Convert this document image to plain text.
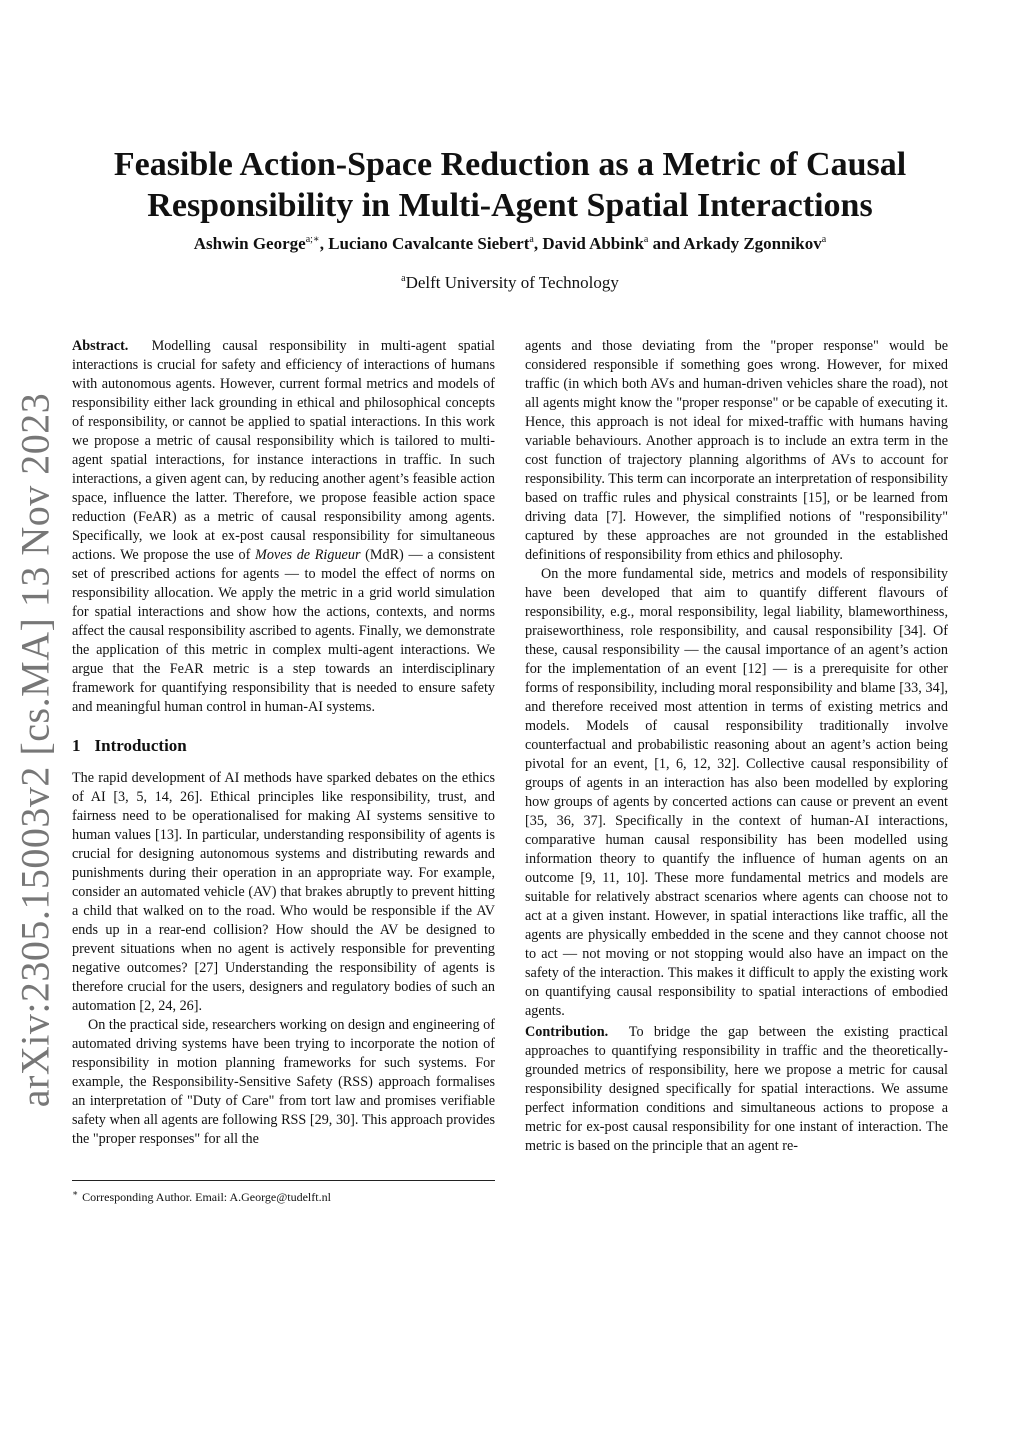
arXiv:2305.15003v2 [cs.MA] 13 Nov 2023
Feasible Action-Space Reduction as a Metric of Causal
Responsibility in Multi-Agent Spatial Interactions
Ashwin George$^{a;∗}$, Luciano Cavalcante Siebert$^a$, David Abbink$^a$ and Arkady Zgonnikov$^a$
$^a$Delft University of Technology

Abstract. Modelling causal responsibility in multi-agent spatial interactions is crucial for safety and efficiency of interactions of humans with autonomous agents. However, current formal metrics and models of responsibility either lack grounding in ethical and philosophical concepts of responsibility, or cannot be applied to spatial interactions. In this work we propose a metric of causal responsibility which is tailored to multi-agent spatial interactions, for instance interactions in traffic. In such interactions, a given agent can, by reducing another agent’s feasible action space, influence the latter. Therefore, we propose feasible action space reduction (FeAR) as a metric of causal responsibility among agents. Specifically, we look at ex-post causal responsibility for simultaneous actions. We propose the use of Moves de Rigueur (MdR) — a consistent set of prescribed actions for agents — to model the effect of norms on responsibility allocation. We apply the metric in a grid world simulation for spatial interactions and show how the actions, contexts, and norms affect the causal responsibility ascribed to agents. Finally, we demonstrate the application of this metric in complex multi-agent interactions. We argue that the FeAR metric is a step towards an interdisciplinary framework for quantifying responsibility that is needed to ensure safety and meaningful human control in human-AI systems.

1 Introduction

The rapid development of AI methods have sparked debates on the ethics of AI [3, 5, 14, 26]. Ethical principles like responsibility, trust, and fairness need to be operationalised for making AI systems sensitive to human values [13]. In particular, understanding responsibility of agents is crucial for designing autonomous systems and distributing rewards and punishments during their operation in an appropriate way. For example, consider an automated vehicle (AV) that brakes abruptly to prevent hitting a child that walked on to the road. Who would be responsible if the AV ends up in a rear-end collision? How should the AV be designed to prevent situations when no agent is actively responsible for preventing negative outcomes? [27] Understanding the responsibility of agents is therefore crucial for the users, designers and regulatory bodies of such an automation [2, 24, 26].

On the practical side, researchers working on design and engineering of automated driving systems have been trying to incorporate the notion of responsibility in motion planning frameworks for such systems. For example, the Responsibility-Sensitive Safety (RSS) approach formalises an interpretation of "Duty of Care" from tort law and promises verifiable safety when all agents are following RSS [29, 30]. This approach provides the "proper responses" for all the

∗ Corresponding Author. Email: A.George@tudelft.nl

agents and those deviating from the "proper response" would be considered responsible if something goes wrong. However, for mixed traffic (in which both AVs and human-driven vehicles share the road), not all agents might know the "proper response" or be capable of executing it. Hence, this approach is not ideal for mixed-traffic with humans having variable behaviours. Another approach is to include an extra term in the cost function of trajectory planning algorithms of AVs to account for responsibility. This term can incorporate an interpretation of responsibility based on traffic rules and physical constraints [15], or be learned from driving data [7]. However, the simplified notions of "responsibility" captured by these approaches are not grounded in the established definitions of responsibility from ethics and philosophy.

On the more fundamental side, metrics and models of responsibility have been developed that aim to quantify different flavours of responsibility, e.g., moral responsibility, legal liability, blameworthiness, praiseworthiness, role responsibility, and causal responsibility [34]. Of these, causal responsibility — the causal importance of an agent’s action for the implementation of an event [12] — is a prerequisite for other forms of responsibility, including moral responsibility and blame [33, 34], and therefore received most attention in terms of existing metrics and models. Models of causal responsibility traditionally involve counterfactual and probabilistic reasoning about an agent’s action being pivotal for an event, [1, 6, 12, 32]. Collective causal responsibility of groups of agents in an interaction has also been modelled by exploring how groups of agents by concerted actions can cause or prevent an event [35, 36, 37]. Specifically in the context of human-AI interactions, comparative human causal responsibility has been modelled using information theory to quantify the influence of human agents on an outcome [9, 11, 10]. These more fundamental metrics and models are suitable for relatively abstract scenarios where agents can choose not to act at a given instant. However, in spatial interactions like traffic, all the agents are physically embedded in the scene and they cannot choose not to act — not moving or not stopping would also have an impact on the safety of the interaction. This makes it difficult to apply the existing work on quantifying causal responsibility to spatial interactions of embodied agents.

Contribution. To bridge the gap between the existing practical approaches to quantifying responsibility in traffic and the theoretically-grounded metrics of responsibility, here we propose a metric for causal responsibility designed specifically for spatial interactions. We assume perfect information conditions and simultaneous actions to propose a metric for ex-post causal responsibility for one instant of interaction. The metric is based on the principle that an agent re-
